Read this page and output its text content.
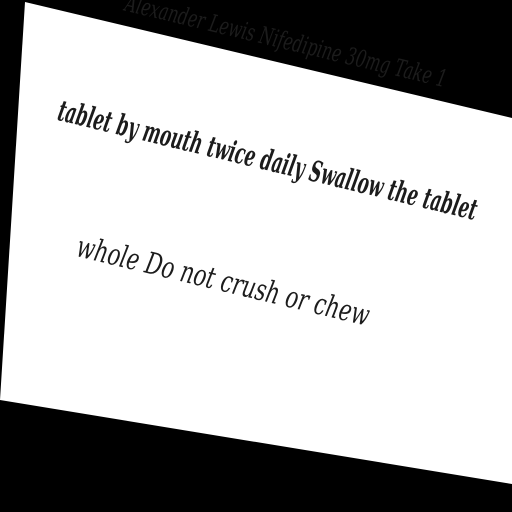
whole Do not crush or chew
